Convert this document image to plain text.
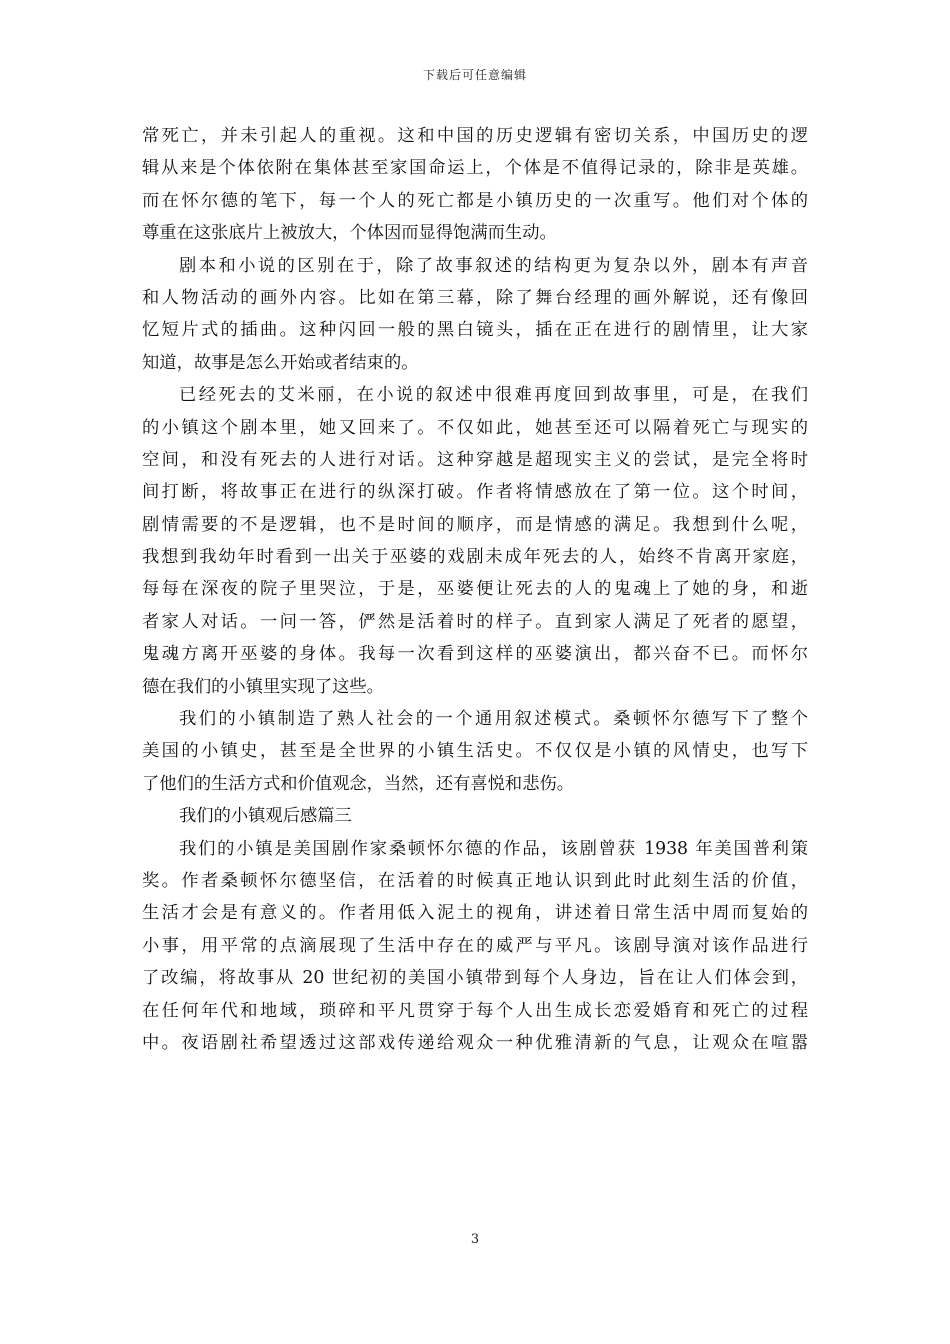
下载后可任意编辑
常死亡，并未引起人的重视。这和中国的历史逻辑有密切关系，中国历史的逻
辑从来是个体依附在集体甚至家国命运上，个体是不值得记录的，除非是英雄。
而在怀尔德的笔下，每一个人的死亡都是小镇历史的一次重写。他们对个体的
尊重在这张底片上被放大，个体因而显得饱满而生动。
剧本和小说的区别在于，除了故事叙述的结构更为复杂以外，剧本有声音
和人物活动的画外内容。比如在第三幕，除了舞台经理的画外解说，还有像回
忆短片式的插曲。这种闪回一般的黑白镜头，插在正在进行的剧情里，让大家
知道，故事是怎么开始或者结束的。
已经死去的艾米丽，在小说的叙述中很难再度回到故事里，可是，在我们
的小镇这个剧本里，她又回来了。不仅如此，她甚至还可以隔着死亡与现实的
空间，和没有死去的人进行对话。这种穿越是超现实主义的尝试，是完全将时
间打断，将故事正在进行的纵深打破。作者将情感放在了第一位。这个时间，
剧情需要的不是逻辑，也不是时间的顺序，而是情感的满足。我想到什么呢，
我想到我幼年时看到一出关于巫婆的戏剧未成年死去的人，始终不肯离开家庭，
每每在深夜的院子里哭泣，于是，巫婆便让死去的人的鬼魂上了她的身，和逝
者家人对话。一问一答，俨然是活着时的样子。直到家人满足了死者的愿望，
鬼魂方离开巫婆的身体。我每一次看到这样的巫婆演出，都兴奋不已。而怀尔
德在我们的小镇里实现了这些。
我们的小镇制造了熟人社会的一个通用叙述模式。桑顿怀尔德写下了整个
美国的小镇史，甚至是全世界的小镇生活史。不仅仅是小镇的风情史，也写下
了他们的生活方式和价值观念，当然，还有喜悦和悲伤。
我们的小镇观后感篇三
我们的小镇是美国剧作家桑顿怀尔德的作品，该剧曾获 1938 年美国普利策
奖。作者桑顿怀尔德坚信，在活着的时候真正地认识到此时此刻生活的价值，
生活才会是有意义的。作者用低入泥土的视角，讲述着日常生活中周而复始的
小事，用平常的点滴展现了生活中存在的威严与平凡。该剧导演对该作品进行
了改编，将故事从 20 世纪初的美国小镇带到每个人身边，旨在让人们体会到，
在任何年代和地域，琐碎和平凡贯穿于每个人出生成长恋爱婚育和死亡的过程
中。夜语剧社希望透过这部戏传递给观众一种优雅清新的气息，让观众在喧嚣
3
